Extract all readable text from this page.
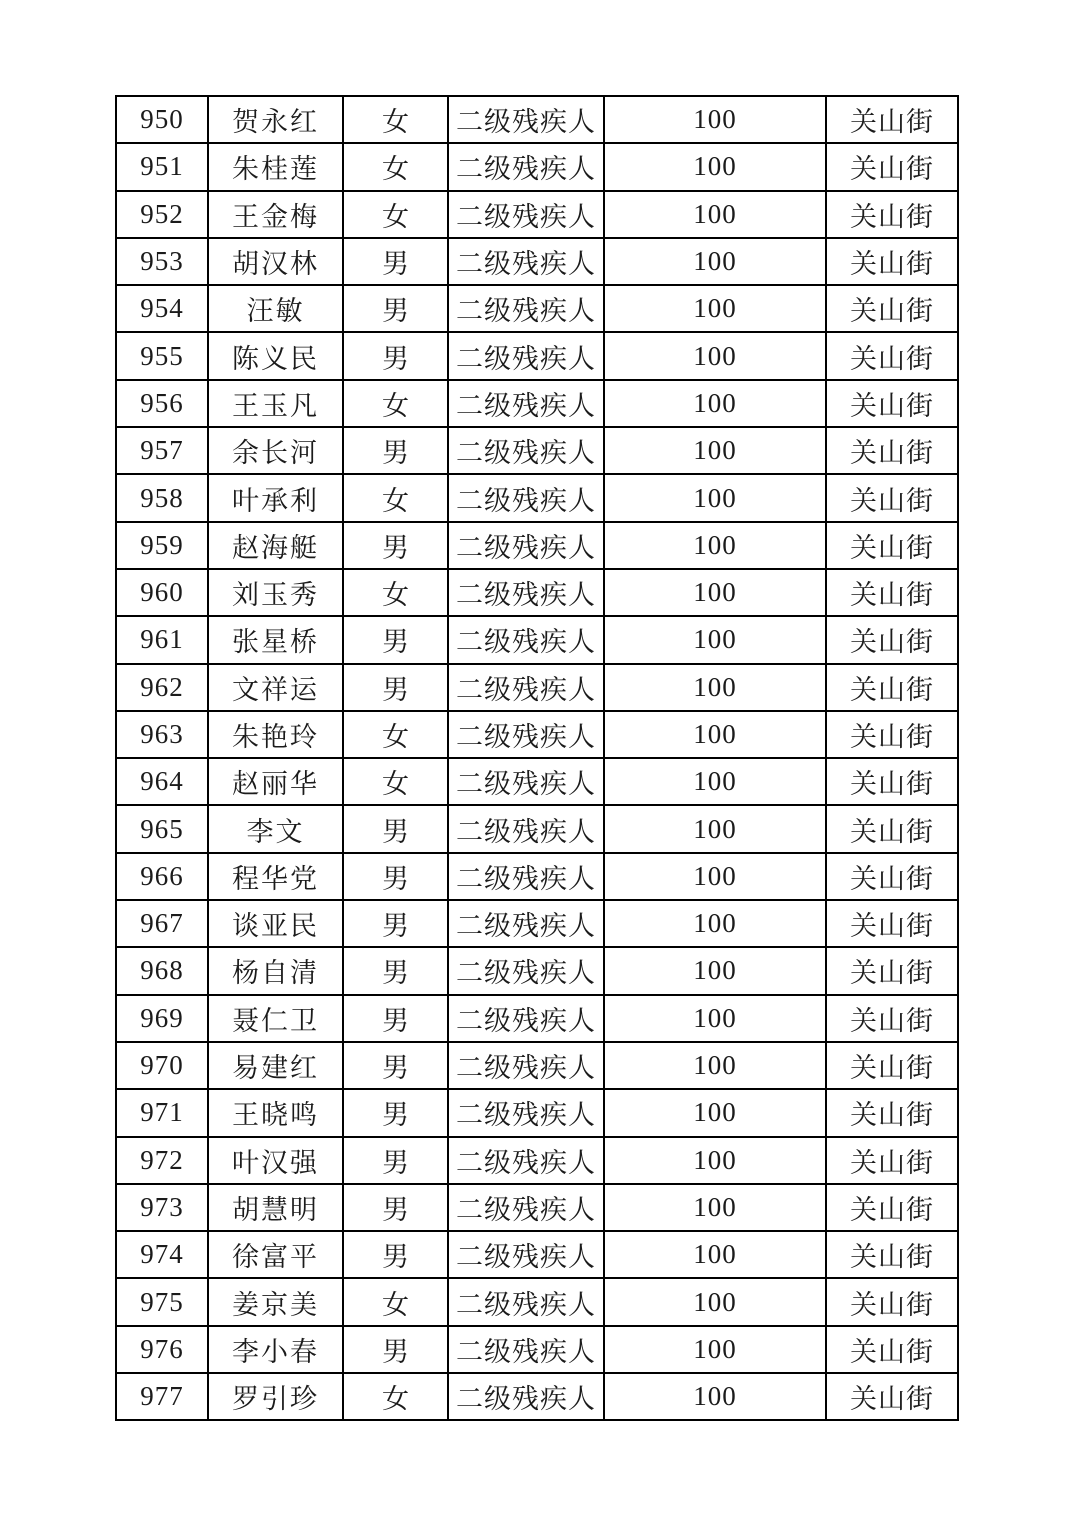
950	贺永红	女	二级残疾人	100	关山街
951	朱桂莲	女	二级残疾人	100	关山街
952	王金梅	女	二级残疾人	100	关山街
953	胡汉林	男	二级残疾人	100	关山街
954	汪敏	男	二级残疾人	100	关山街
955	陈义民	男	二级残疾人	100	关山街
956	王玉凡	女	二级残疾人	100	关山街
957	余长河	男	二级残疾人	100	关山街
958	叶承利	女	二级残疾人	100	关山街
959	赵海艇	男	二级残疾人	100	关山街
960	刘玉秀	女	二级残疾人	100	关山街
961	张星桥	男	二级残疾人	100	关山街
962	文祥运	男	二级残疾人	100	关山街
963	朱艳玲	女	二级残疾人	100	关山街
964	赵丽华	女	二级残疾人	100	关山街
965	李文	男	二级残疾人	100	关山街
966	程华党	男	二级残疾人	100	关山街
967	谈亚民	男	二级残疾人	100	关山街
968	杨自清	男	二级残疾人	100	关山街
969	聂仁卫	男	二级残疾人	100	关山街
970	易建红	男	二级残疾人	100	关山街
971	王晓鸣	男	二级残疾人	100	关山街
972	叶汉强	男	二级残疾人	100	关山街
973	胡慧明	男	二级残疾人	100	关山街
974	徐富平	男	二级残疾人	100	关山街
975	姜京美	女	二级残疾人	100	关山街
976	李小春	男	二级残疾人	100	关山街
977	罗引珍	女	二级残疾人	100	关山街
